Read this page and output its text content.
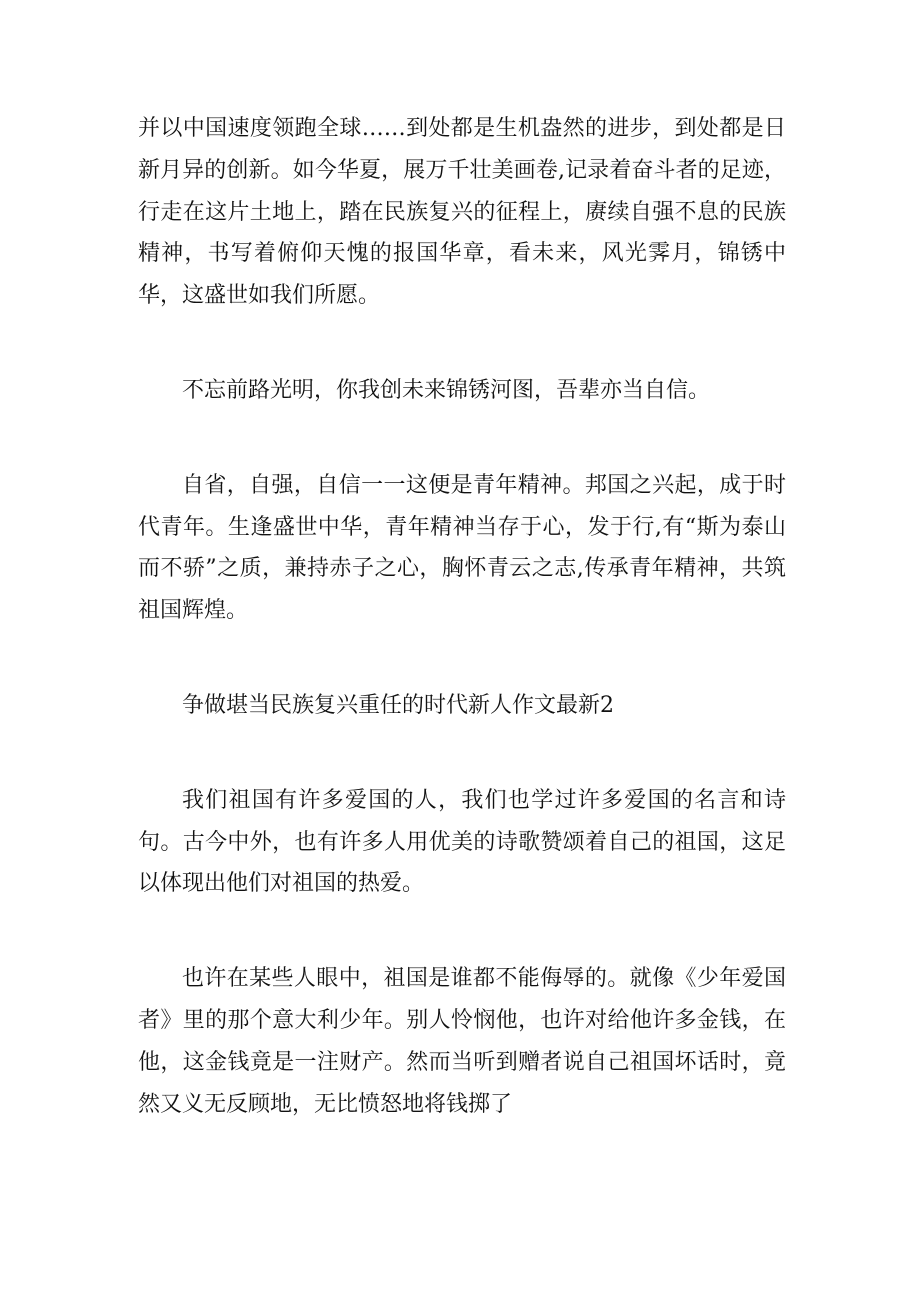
并以中国速度领跑全球……到处都是生机盎然的进步，到处都是日新月异的创新。如今华夏，展万千壮美画卷,记录着奋斗者的足迹，行走在这片土地上，踏在民族复兴的征程上，赓续自强不息的民族精神，书写着俯仰天愧的报国华章，看未来，风光霁月，锦锈中华，这盛世如我们所愿。

不忘前路光明，你我创未来锦锈河图，吾辈亦当自信。

自省，自强，自信一一这便是青年精神。邦国之兴起，成于时代青年。生逢盛世中华，青年精神当存于心，发于行,有“斯为泰山而不骄”之质，兼持赤子之心，胸怀青云之志,传承青年精神，共筑祖国辉煌。

争做堪当民族复兴重任的时代新人作文最新2

我们祖国有许多爱国的人，我们也学过许多爱国的名言和诗句。古今中外，也有许多人用优美的诗歌赞颂着自己的祖国，这足以体现出他们对祖国的热爱。

也许在某些人眼中，祖国是谁都不能侮辱的。就像《少年爱国者》里的那个意大利少年。别人怜悯他，也许对给他许多金钱，在他，这金钱竟是一注财产。然而当听到赠者说自己祖国坏话时，竟然又义无反顾地，无比愤怒地将钱掷了
